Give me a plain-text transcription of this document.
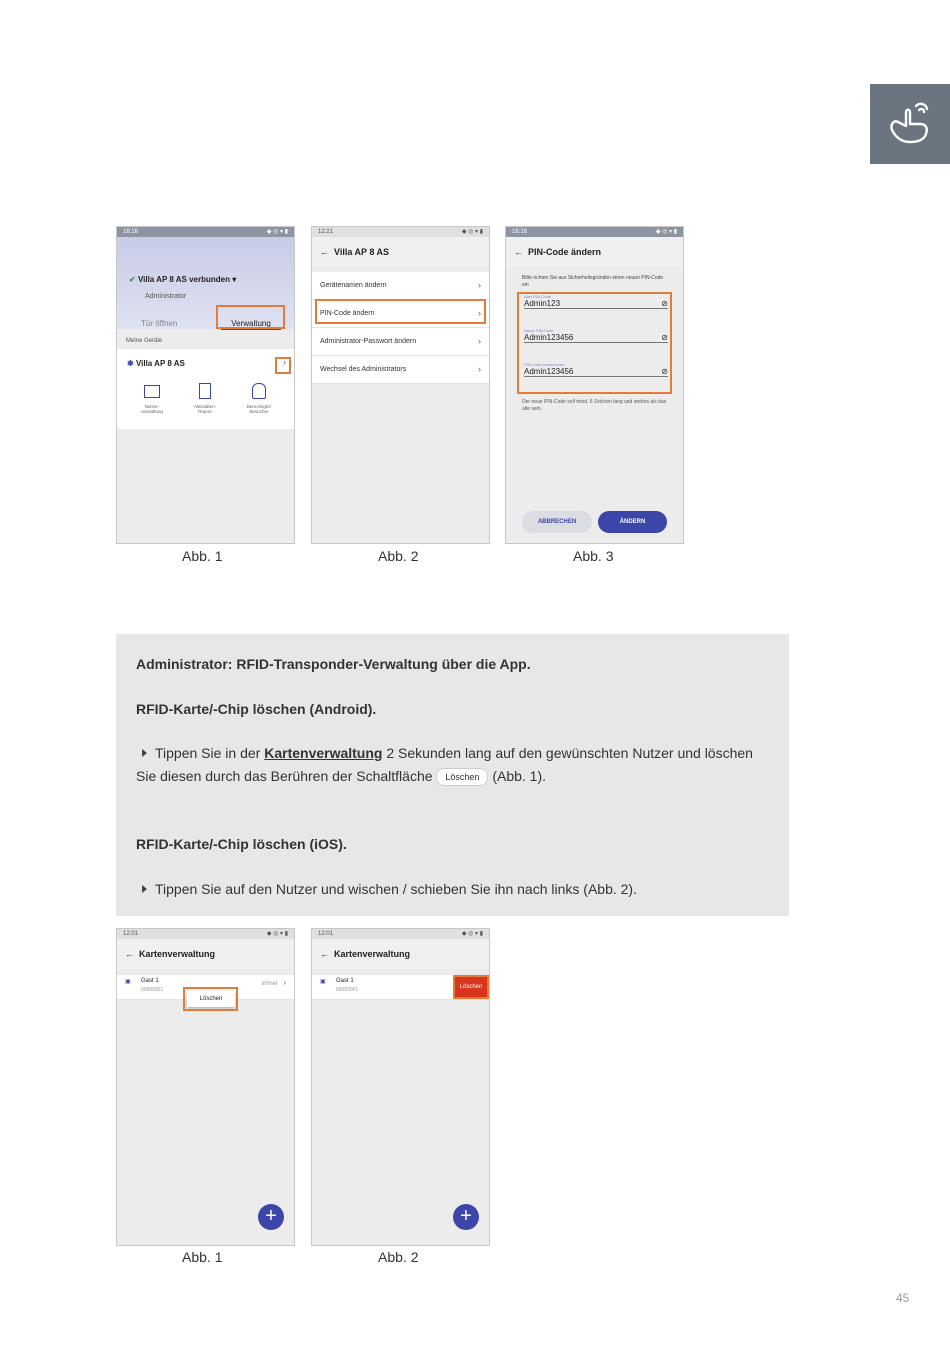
16:16	◆ ◎ ▾ ▮
✔ Villa AP 8 AS verbunden ▾
Administrator
Tür öffnen	Verwaltung
Meine Geräte
✱ Villa AP 8 AS	›
Nutzer-
verwaltung
Aktivitäten-
Report
Berechtigter
Besucher
12:21	◆ ◎ ▾ ▮
← Villa AP 8 AS
Gerätenamen ändern	›
PIN-Code ändern	›
Administrator-Passwort ändern	›
Wechsel des Administrators	›
16:16	◆ ◎ ▾ ▮
← PIN-Code ändern
Bitte richten Sie aus Sicherheitsgründen einen neuen PIN-Code ein
Alter PIN-Code
Admin123	⊘
Neuer PIN-Code
Admin123456	⊘
PIN-Code wiederholen
Admin123456	⊘
Der neue PIN-Code soll mind. 6 Zeichen lang und anders als das alte sein.
ABBRECHEN	ÄNDERN
Abb. 1	Abb. 2	Abb. 3
Administrator: RFID-Transponder-Verwaltung über die App.
RFID-Karte/-Chip löschen (Android).
Tippen Sie in der Kartenverwaltung 2 Sekunden lang auf den gewünschten Nutzer und löschen Sie diesen durch das Berühren der Schaltfläche Löschen (Abb. 1).
RFID-Karte/-Chip löschen (iOS).
Tippen Sie auf den Nutzer und wischen / schieben Sie ihn nach links (Abb. 2).
12:01	◆ ◎ ▾ ▮
← Kartenverwaltung
▣ Gast 1
00000001
immer ›
Löschen
+
12:01	◆ ◎ ▾ ▮
← Kartenverwaltung
▣ Gast 1
00000001	Löschen
+
Abb. 1	Abb. 2
45
